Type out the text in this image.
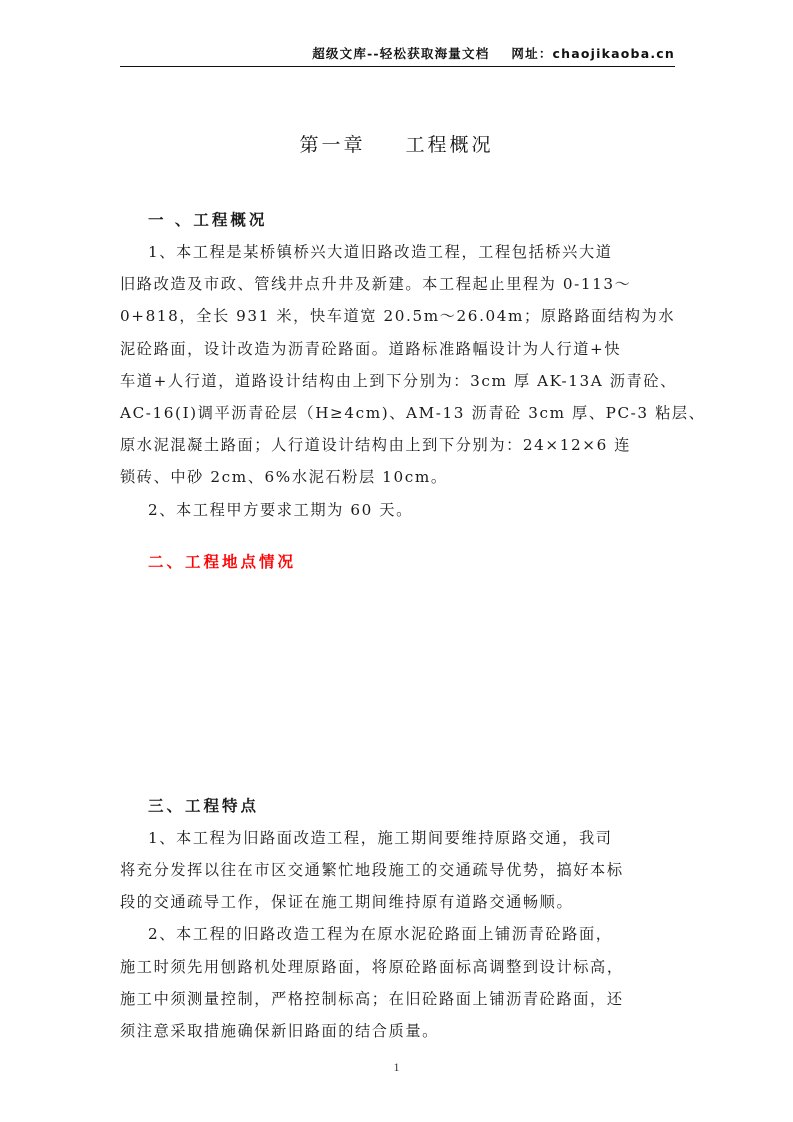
超级文库--轻松获取海量文档 网址：chaojikaoba.cn
第一章 工程概况
一 、工程概况

1、本工程是某桥镇桥兴大道旧路改造工程，工程包括桥兴大道
旧路改造及市政、管线井点升井及新建。本工程起止里程为 0-113～
0+818，全长 931 米，快车道宽 20.5m～26.04m；原路路面结构为水
泥砼路面，设计改造为沥青砼路面。道路标准路幅设计为人行道+快
车道+人行道，道路设计结构由上到下分别为：3cm 厚 AK-13A 沥青砼、
AC-16(I)调平沥青砼层（H≥4cm)、AM-13 沥青砼 3cm 厚、PC-3 粘层、
原水泥混凝土路面；人行道设计结构由上到下分别为：24×12×6 连
锁砖、中砂 2cm、6%水泥石粉层 10cm。

2、本工程甲方要求工期为 60 天。

二、工程地点情况
三、工程特点

1、本工程为旧路面改造工程，施工期间要维持原路交通，我司
将充分发挥以往在市区交通繁忙地段施工的交通疏导优势，搞好本标
段的交通疏导工作，保证在施工期间维持原有道路交通畅顺。

2、本工程的旧路改造工程为在原水泥砼路面上铺沥青砼路面，
施工时须先用刨路机处理原路面，将原砼路面标高调整到设计标高，
施工中须测量控制，严格控制标高；在旧砼路面上铺沥青砼路面，还
须注意采取措施确保新旧路面的结合质量。

1
